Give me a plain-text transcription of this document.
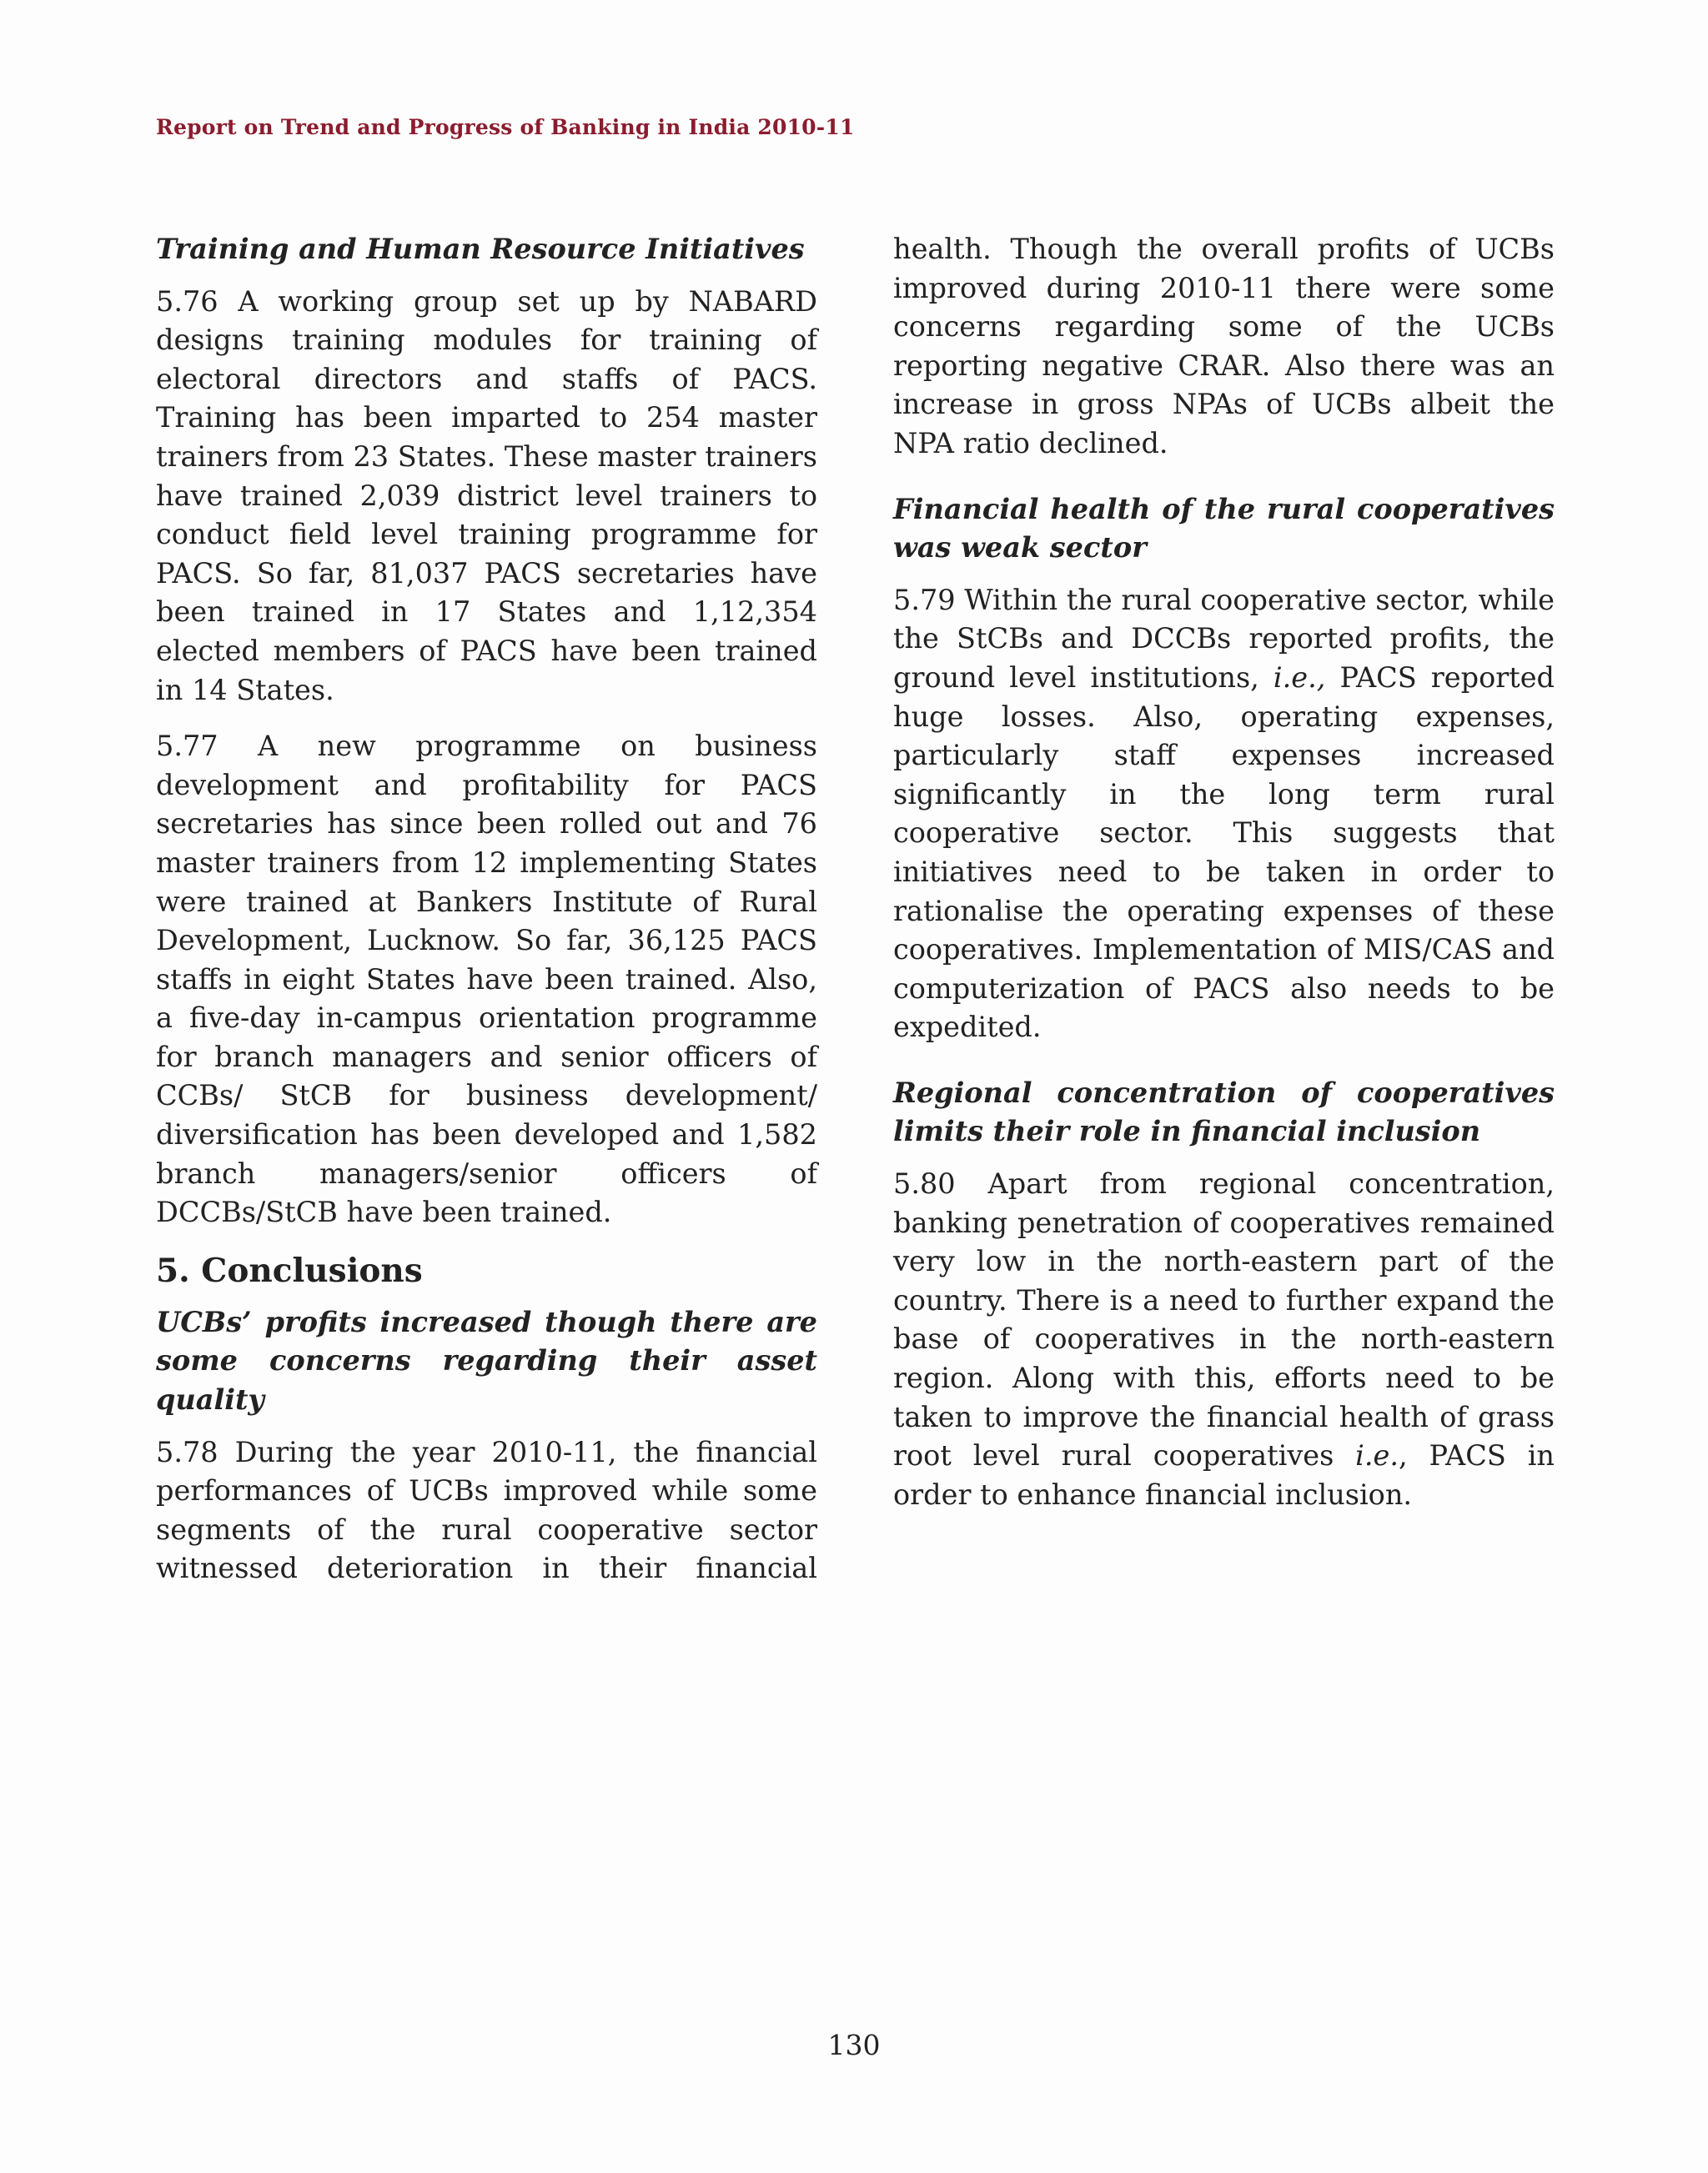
Report on Trend and Progress of Banking in India 2010-11
Training and Human Resource Initiatives

5.76 A working group set up by NABARD designs training modules for training of electoral directors and staffs of PACS. Training has been imparted to 254 master trainers from 23 States. These master trainers have trained 2,039 district level trainers to conduct field level training programme for PACS. So far, 81,037 PACS secretaries have been trained in 17 States and 1,12,354 elected members of PACS have been trained in 14 States.

5.77 A new programme on business development and profitability for PACS secretaries has since been rolled out and 76 master trainers from 12 implementing States were trained at Bankers Institute of Rural Development, Lucknow. So far, 36,125 PACS staffs in eight States have been trained. Also, a five-day in-campus orientation programme for branch managers and senior officers of CCBs/ StCB for business development/ diversification has been developed and 1,582 branch managers/senior officers of DCCBs/StCB have been trained.

5. Conclusions
UCBs’ profits increased though there are some concerns regarding their asset quality

5.78 During the year 2010-11, the financial performances of UCBs improved while some segments of the rural cooperative sector witnessed deterioration in their financial

health. Though the overall profits of UCBs improved during 2010-11 there were some concerns regarding some of the UCBs reporting negative CRAR. Also there was an increase in gross NPAs of UCBs albeit the NPA ratio declined.

Financial health of the rural cooperatives was weak sector

5.79 Within the rural cooperative sector, while the StCBs and DCCBs reported profits, the ground level institutions, i.e., PACS reported huge losses. Also, operating expenses, particularly staff expenses increased significantly in the long term rural cooperative sector. This suggests that initiatives need to be taken in order to rationalise the operating expenses of these cooperatives. Implementation of MIS/CAS and computerization of PACS also needs to be expedited.

Regional concentration of cooperatives limits their role in financial inclusion

5.80 Apart from regional concentration, banking penetration of cooperatives remained very low in the north-eastern part of the country. There is a need to further expand the base of cooperatives in the north-eastern region. Along with this, efforts need to be taken to improve the financial health of grass root level rural cooperatives i.e., PACS in order to enhance financial inclusion.

130
